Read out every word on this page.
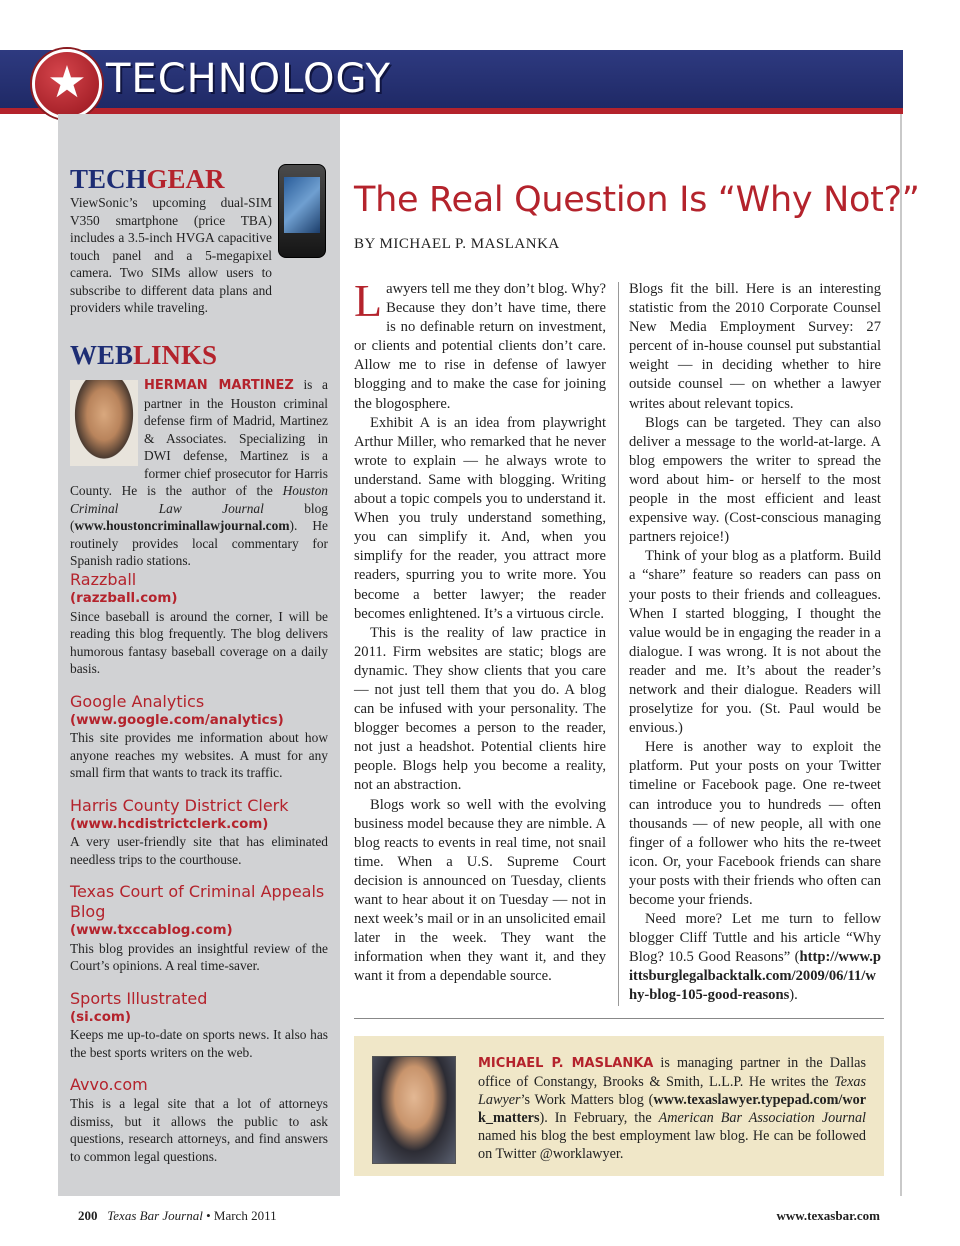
★ TECHNOLOGY
TECHGEAR

ViewSonic’s upcoming dual-SIM V350 smartphone (price TBA) includes a 3.5-inch HVGA capacitive touch panel and a 5-megapixel camera. Two SIMs allow users to subscribe to different data plans and providers while traveling.

WEBLINKS

HERMAN MARTINEZ is a partner in the Houston criminal defense firm of Madrid, Martinez & Associates. Specializing in DWI defense, Martinez is a former chief prosecutor for Harris County. He is the author of the Houston Criminal Law Journal blog (www.houstoncriminallawjournal.com). He routinely provides local commentary for Spanish radio stations.

Razzball

(razzball.com)

Since baseball is around the corner, I will be reading this blog frequently. The blog delivers humorous fantasy baseball coverage on a daily basis.

Google Analytics

(www.google.com/analytics)

This site provides me information about how anyone reaches my websites. A must for any small firm that wants to track its traffic.

Harris County District Clerk

(www.hcdistrictclerk.com)

A very user-friendly site that has eliminated needless trips to the courthouse.

Texas Court of Criminal Appeals Blog

(www.txccablog.com)

This blog provides an insightful review of the Court’s opinions. A real time-saver.

Sports Illustrated

(si.com)

Keeps me up-to-date on sports news. It also has the best sports writers on the web.

Avvo.com

This is a legal site that a lot of attorneys dismiss, but it allows the public to ask questions, research attorneys, and find answers to common legal questions.

The Real Question Is “Why Not?”
BY MICHAEL P. MASLANKA

Lawyers tell me they don’t blog. Why? Because they don’t have time, there is no definable return on investment, or clients and potential clients don’t care. Allow me to rise in defense of lawyer blogging and to make the case for joining the blogosphere.

Exhibit A is an idea from playwright Arthur Miller, who remarked that he never wrote to explain — he always wrote to understand. Same with blogging. Writing about a topic compels you to understand it. When you truly understand something, you can simplify it. And, when you simplify for the reader, you attract more readers, spurring you to write more. You become a better lawyer; the reader becomes enlightened. It’s a virtuous circle.

This is the reality of law practice in 2011. Firm websites are static; blogs are dynamic. They show clients that you care — not just tell them that you do. A blog can be infused with your personality. The blogger becomes a person to the reader, not just a headshot. Potential clients hire people. Blogs help you become a reality, not an abstraction.

Blogs work so well with the evolving business model because they are nimble. A blog reacts to events in real time, not snail time. When a U.S. Supreme Court decision is announced on Tuesday, clients want to hear about it on Tuesday — not in next week’s mail or in an unsolicited email later in the week. They want the information when they want it, and they want it from a dependable source.

Blogs fit the bill. Here is an interesting statistic from the 2010 Corporate Counsel New Media Employment Survey: 27 percent of in-house counsel put substantial weight — in deciding whether to hire outside counsel — on whether a lawyer writes about relevant topics.

Blogs can be targeted. They can also deliver a message to the world-at-large. A blog empowers the writer to spread the word about him- or herself to the most people in the most efficient and least expensive way. (Cost-conscious managing partners rejoice!)

Think of your blog as a platform. Build a “share” feature so readers can pass on your posts to their friends and colleagues. When I started blogging, I thought the value would be in engaging the reader in a dialogue. I was wrong. It is not about the reader and me. It’s about the reader’s network and their dialogue. Readers will proselytize for you. (St. Paul would be envious.)

Here is another way to exploit the platform. Put your posts on your Twitter timeline or Facebook page. One re-tweet can introduce you to hundreds — often thousands — of new people, all with one finger of a follower who hits the re-tweet icon. Or, your Facebook friends can share your posts with their friends who often can become your friends.

Need more? Let me turn to fellow blogger Cliff Tuttle and his article “Why Blog? 10.5 Good Reasons” (http://www.pittsburglegalbacktalk.com/2009/06/11/why-blog-105-good-reasons).

MICHAEL P. MASLANKA is managing partner in the Dallas office of Constangy, Brooks & Smith, L.L.P. He writes the Texas Lawyer’s Work Matters blog (www.texaslawyer.typepad.com/work_matters). In February, the American Bar Association Journal named his blog the best employment law blog. He can be followed on Twitter @worklawyer.
200 Texas Bar Journal • March 2011	www.texasbar.com
